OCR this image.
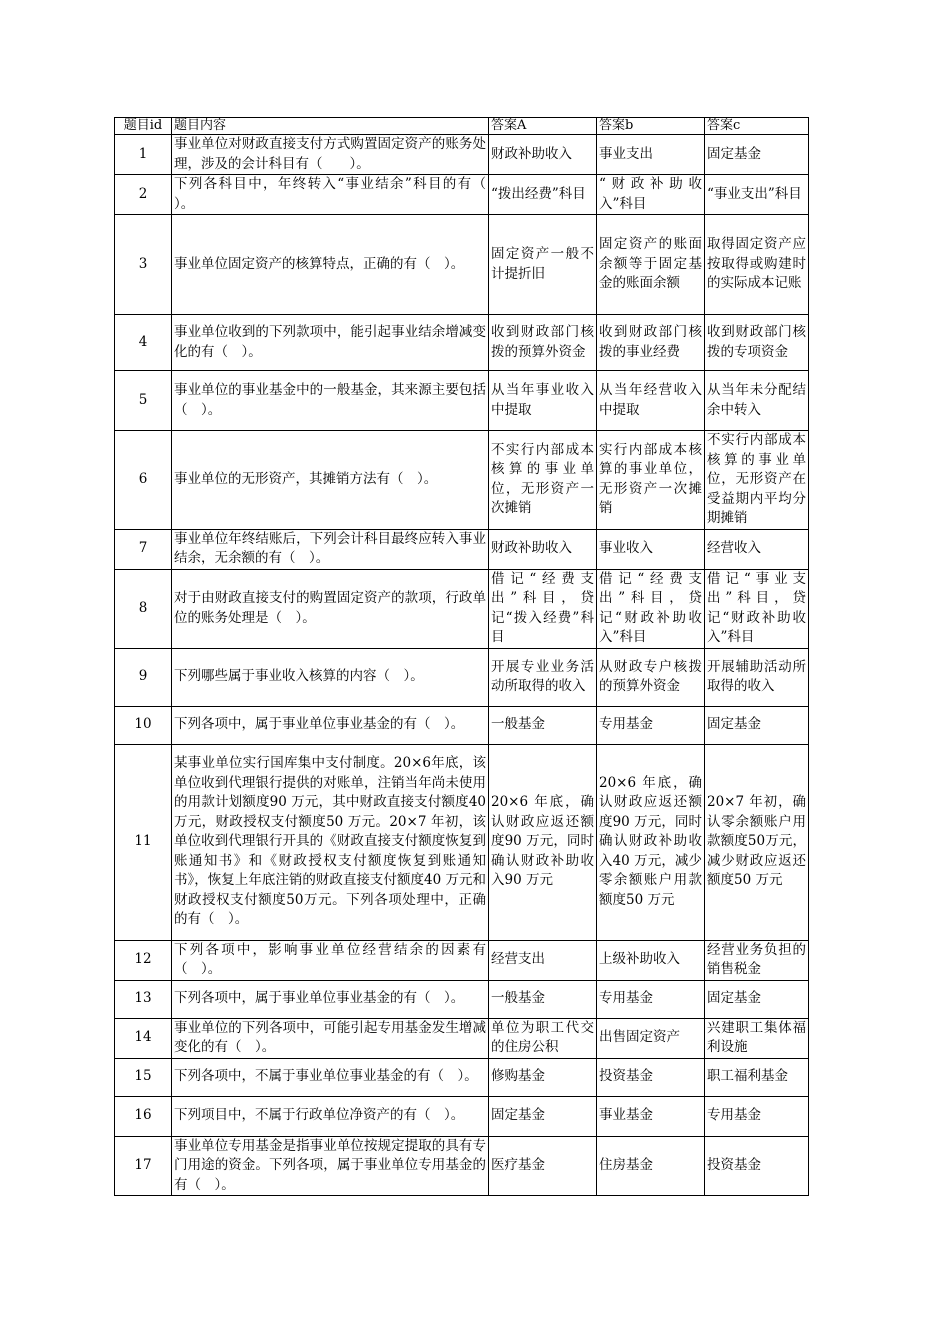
题目id	题目内容	答案A	答案b	答案c
1	事业单位对财政直接支付方式购置固定资产的账务处理，涉及的会计科目有（　　）。	财政补助收入	事业支出	固定基金
2	下列各科目中，年终转入“事业结余”科目的有（　　）。	“拨出经费”科目	“财政补助收入”科目	“事业支出”科目
3	事业单位固定资产的核算特点，正确的有（　）。	固定资产一般不计提折旧	固定资产的账面余额等于固定基金的账面余额	取得固定资产应按取得或购建时的实际成本记账
4	事业单位收到的下列款项中，能引起事业结余增减变化的有（　）。	收到财政部门核拨的预算外资金	收到财政部门核拨的事业经费	收到财政部门核拨的专项资金
5	事业单位的事业基金中的一般基金，其来源主要包括（　）。	从当年事业收入中提取	从当年经营收入中提取	从当年未分配结余中转入
6	事业单位的无形资产，其摊销方法有（　）。	不实行内部成本核算的事业单位，无形资产一次摊销	实行内部成本核算的事业单位，无形资产一次摊销	不实行内部成本核算的事业单位，无形资产在受益期内平均分期摊销
7	事业单位年终结账后，下列会计科目最终应转入事业结余，无余额的有（　）。	财政补助收入	事业收入	经营收入
8	对于由财政直接支付的购置固定资产的款项，行政单位的账务处理是（　）。	借记“经费支出”科目，贷记“拨入经费”科目	借记“经费支出”科目，贷记“财政补助收入”科目	借记“事业支出”科目，贷记“财政补助收入”科目
9	下列哪些属于事业收入核算的内容（　）。	开展专业业务活动所取得的收入	从财政专户核拨的预算外资金	开展辅助活动所取得的收入
10	下列各项中，属于事业单位事业基金的有（　）。	一般基金	专用基金	固定基金
11	某事业单位实行国库集中支付制度。20×6年底，该单位收到代理银行提供的对账单，注销当年尚未使用的用款计划额度90 万元，其中财政直接支付额度40 万元，财政授权支付额度50 万元。20×7 年初，该单位收到代理银行开具的《财政直接支付额度恢复到账通知书》和《财政授权支付额度恢复到账通知书》，恢复上年底注销的财政直接支付额度40 万元和财政授权支付额度50万元。下列各项处理中，正确的有（　）。	20×6 年底，确认财政应返还额度90 万元，同时确认财政补助收入90 万元	20×6 年底，确认财政应返还额度90 万元，同时确认财政补助收入40 万元，减少零余额账户用款额度50 万元	20×7 年初，确认零余额账户用款额度50万元，减少财政应返还额度50 万元
12	下列各项中，影响事业单位经营结余的因素有（　）。	经营支出	上级补助收入	经营业务负担的销售税金
13	下列各项中，属于事业单位事业基金的有（　）。	一般基金	专用基金	固定基金
14	事业单位的下列各项中，可能引起专用基金发生增减变化的有（　）。	单位为职工代交的住房公积	出售固定资产	兴建职工集体福利设施
15	下列各项中，不属于事业单位事业基金的有（　）。	修购基金	投资基金	职工福利基金
16	下列项目中，不属于行政单位净资产的有（　）。	固定基金	事业基金	专用基金
17	事业单位专用基金是指事业单位按规定提取的具有专门用途的资金。下列各项，属于事业单位专用基金的有（　）。	医疗基金	住房基金	投资基金
